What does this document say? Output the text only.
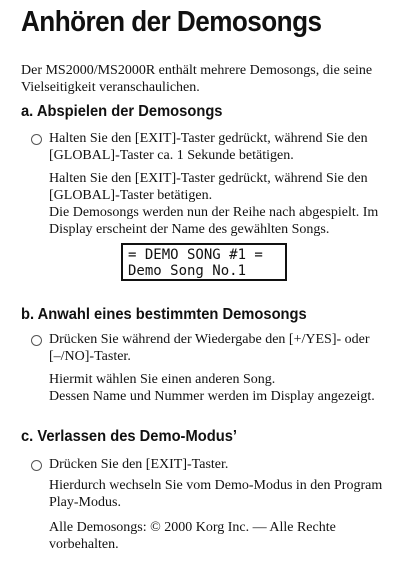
Anhören der Demosongs
Der MS2000/MS2000R enthält mehrere Demosongs, die seine Vielseitigkeit veranschaulichen.
a. Abspielen der Demosongs

Halten Sie den [EXIT]-Taster gedrückt, während Sie den [GLOBAL]-Taster ca. 1 Sekunde betätigen.

Halten Sie den [EXIT]-Taster gedrückt, während Sie den [GLOBAL]-Taster betätigen.

Die Demosongs werden nun der Reihe nach abgespielt. Im Display erscheint der Name des gewählten Songs.

= DEMO SONG #1 =
Demo Song No.1
b. Anwahl eines bestimmten Demosongs

Drücken Sie während der Wiedergabe den [+/YES]- oder [–/NO]-Taster.

Hiermit wählen Sie einen anderen Song.

Dessen Name und Nummer werden im Display angezeigt.

c. Verlassen des Demo-Modus’

Drücken Sie den [EXIT]-Taster.

Hierdurch wechseln Sie vom Demo-Modus in den Program Play-Modus.

Alle Demosongs: © 2000 Korg Inc. — Alle Rechte vorbehalten.
